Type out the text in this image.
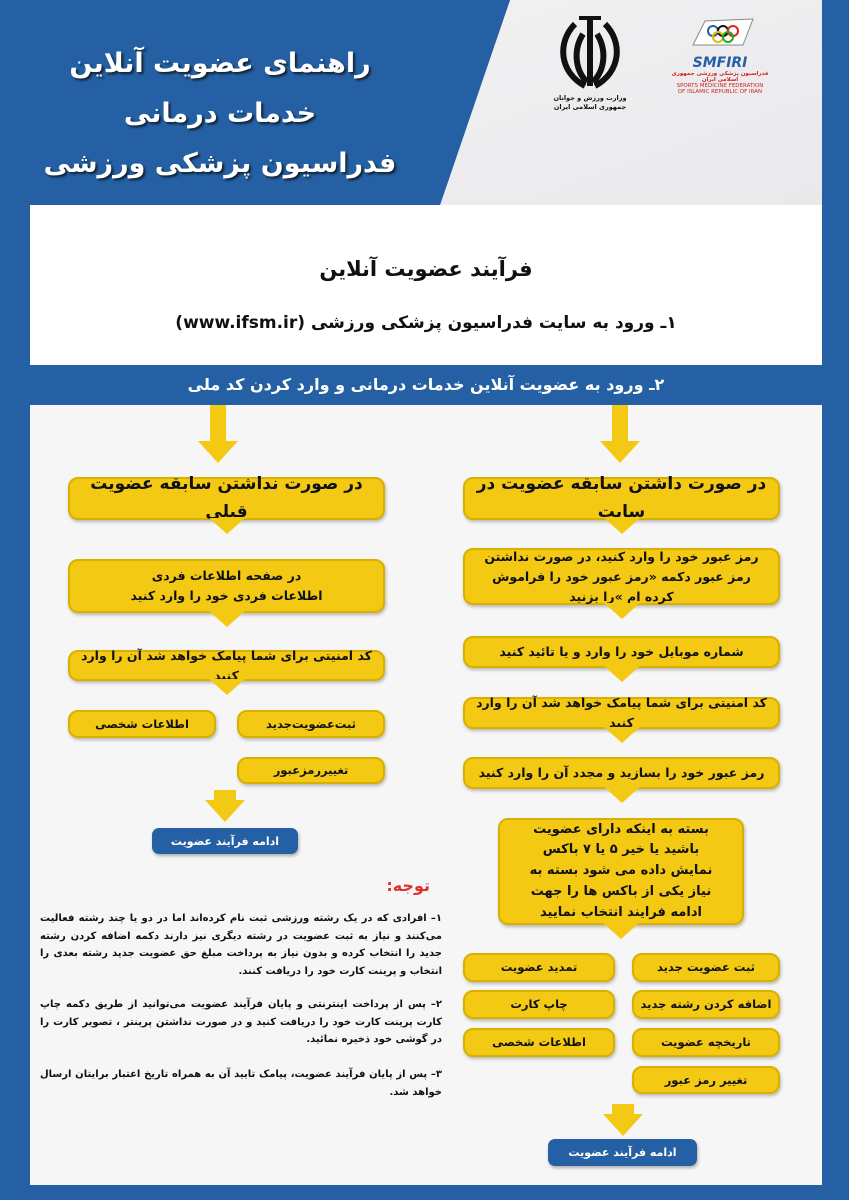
راهنمای عضویت آنلاین
خدمات درمانی
فدراسیون پزشکی ورزشی
وزارت ورزش و جوانان
جمهوری اسلامی ایران
SMFIRI
فدراسیون پزشکی ورزشی جمهوری اسلامی ایران
SPORTS MEDICINE FEDERATION
OF ISLAMIC REPUBLIC OF IRAN
فرآیند عضویت آنلاین
۱ـ ورود به سایت فدراسیون پزشکی ورزشی (www.ifsm.ir)
۲ـ ورود به عضویت آنلاین خدمات درمانی و وارد کردن کد ملی
در صورت داشتن سابقه عضویت در سایت
رمز عبور خود را وارد کنید، در صورت نداشتن رمز عبور دکمه «رمز عبور خود را فراموش کرده ام »را بزنید
شماره موبایل خود را وارد و یا تائید کنید
کد امنیتی برای شما پیامک خواهد شد آن را وارد کنید
رمز عبور خود را بسازید و مجدد آن را وارد کنید
بسته به اینکه دارای عضویت باشید یا خیر ۵ یا ۷ باکس نمایش داده می شود بسته به نیاز یکی از باکس ها را جهت ادامه فرایند انتخاب نمایید
ثبت عضویت جدید
تمدید عضویت
اضافه کردن رشته جدید
چاپ کارت
تاریخچه عضویت
اطلاعات شخصی
تغییر رمز عبور
ادامه فرآیند عضویت
در صورت نداشتن سابقه عضویت قبلی
در صفحه اطلاعات فردی اطلاعات فردی خود را وارد کنید
کد امنیتی برای شما پیامک خواهد شد آن را وارد کنید
ثبت‌عضویت‌جدید
اطلاعات شخصی
تغییررمزعبور
ادامه فرآیند عضویت
توجه:
۱– افرادی که در یک رشته ورزشی ثبت نام کرده‌اند اما در دو یا چند رشته فعالیت می‌کنند و نیاز به ثبت عضویت در رشته دیگری نیز دارند دکمه اضافه کردن رشته جدید را انتخاب کرده و بدون نیاز به پرداخت مبلغ حق عضویت جدید رشته بعدی را انتخاب و پرینت کارت خود را دریافت کنند.
۲– پس از پرداخت اینترنتی و پایان فرآیند عضویت می‌توانید از طریق دکمه چاپ کارت پرینت کارت خود را دریافت کنید و در صورت نداشتن پرینتر ، تصویر کارت را در گوشی خود ذخیره نمائید.
۳– پس از پایان فرآیند عضویت، پیامک تایید آن به همراه تاریخ اعتبار برایتان ارسال خواهد شد.
